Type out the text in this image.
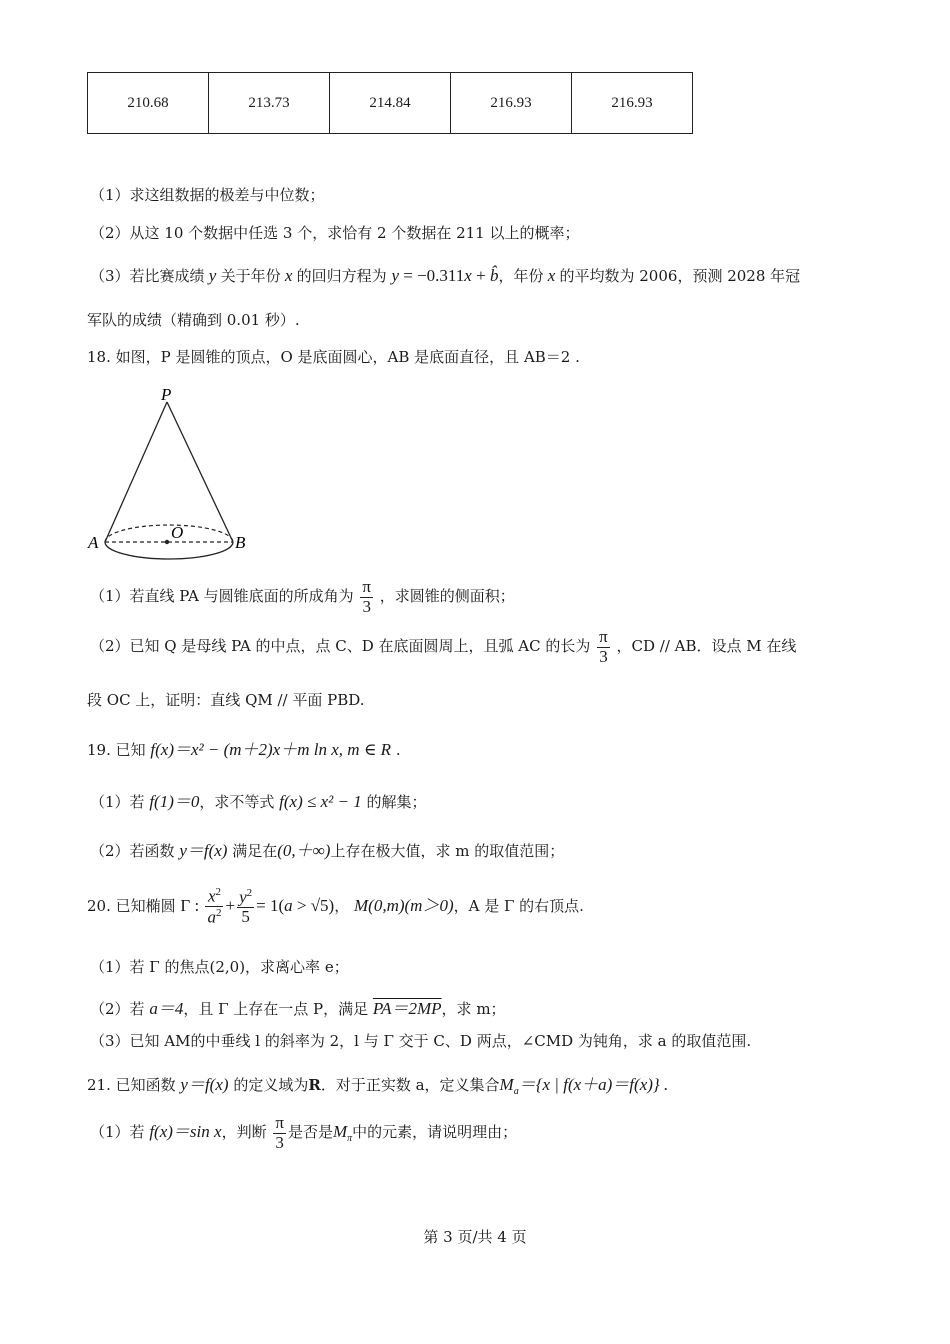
210.68	213.73	214.84	216.93	216.93
（1）求这组数据的极差与中位数；
（2）从这 10 个数据中任选 3 个，求恰有 2 个数据在 211 以上的概率；
（3）若比赛成绩 y 关于年份 x 的回归方程为 y = −0.311x + b̂，年份 x 的平均数为 2006，预测 2028 年冠
军队的成绩（精确到 0.01 秒）.
18. 如图，P 是圆锥的顶点，O 是底面圆心，AB 是底面直径，且 AB＝2 .
P
A	B
O
（1）若直线 PA 与圆锥底面的所成角为 $\frac{\pi}{3}$ ，求圆锥的侧面积；
（2）已知 Q 是母线 PA 的中点，点 C、D 在底面圆周上，且弧 AC 的长为 $\frac{\pi}{3}$ ，CD // AB．设点 M 在线
段 OC 上，证明：直线 QM // 平面 PBD.
19. 已知 f(x)＝x² − (m＋2)x＋m ln x, m ∈ R .
（1）若 f(1)＝0，求不等式 f(x) ≤ x² − 1 的解集；
（2）若函数 y＝f(x) 满足在(0,＋∞)上存在极大值，求 m 的取值范围；
20. 已知椭圆 Γ : $\frac{x^2}{a^2} + \frac{y^2}{5} = 1(a > √5)$， M(0,m)(m＞0)，A 是 Γ 的右顶点.
（1）若 Γ 的焦点(2,0)，求离心率 e；
（2）若 a＝4，且 Γ 上存在一点 P，满足 PA＝2MP，求 m；
（3）已知 AM的中垂线 l 的斜率为 2，l 与 Γ 交于 C、D 两点，∠CMD 为钝角，求 a 的取值范围.
21. 已知函数 y＝f(x) 的定义域为R．对于正实数 a，定义集合$M_a=\{x$ | f(x＋a)＝f(x)} .
（1）若 f(x)＝sin x，判断 $\frac{\pi}{3}$ 是否是$M_\pi$中的元素，请说明理由；
第 3 页/共 4 页
